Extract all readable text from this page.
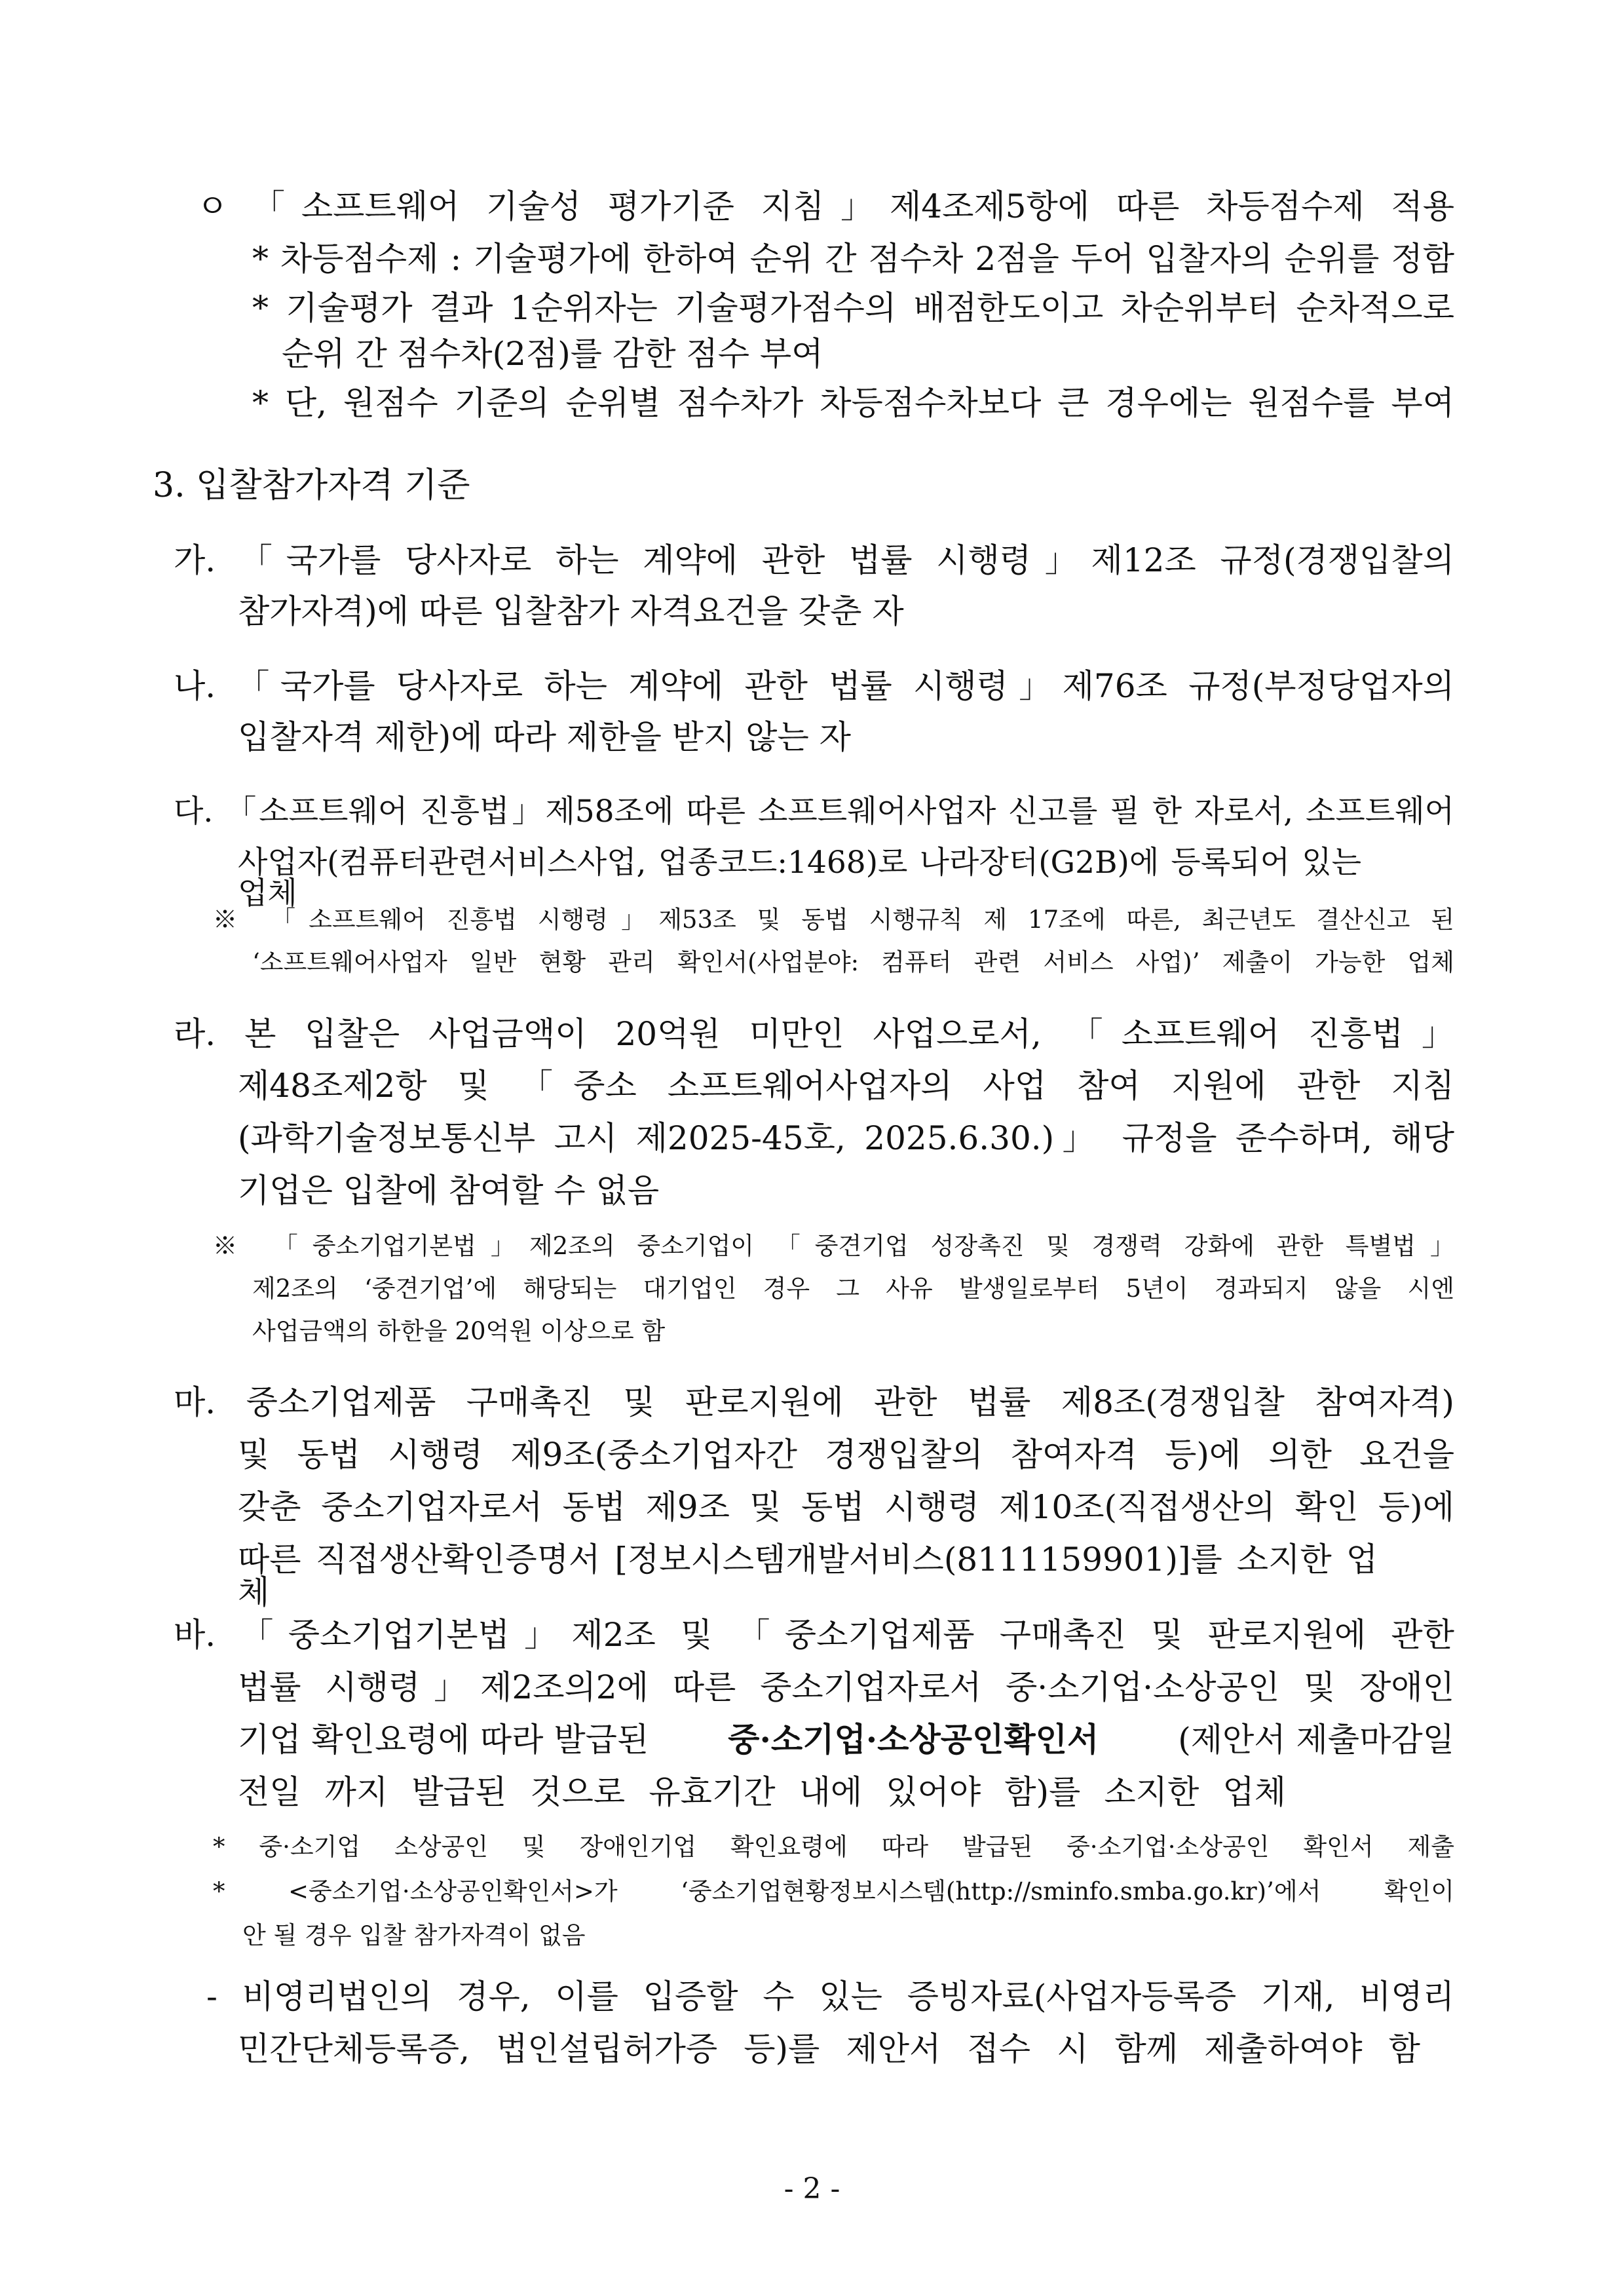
ㅇ 「소프트웨어 기술성 평가기준 지침」제4조제5항에 따른 차등점수제 적용
* 차등점수제 : 기술평가에 한하여 순위 간 점수차 2점을 두어 입찰자의 순위를 정함
* 기술평가 결과 1순위자는 기술평가점수의 배점한도이고 차순위부터 순차적으로
순위 간 점수차(2점)를 감한 점수 부여
* 단, 원점수 기준의 순위별 점수차가 차등점수차보다 큰 경우에는 원점수를 부여
3. 입찰참가자격 기준
가. 「국가를 당사자로 하는 계약에 관한 법률 시행령」제12조 규정(경쟁입찰의
참가자격)에 따른 입찰참가 자격요건을 갖춘 자
나. 「국가를 당사자로 하는 계약에 관한 법률 시행령」제76조 규정(부정당업자의
입찰자격 제한)에 따라 제한을 받지 않는 자
다. 「소프트웨어 진흥법」제58조에 따른 소프트웨어사업자 신고를 필 한 자로서, 소프트웨어
사업자(컴퓨터관련서비스사업, 업종코드:1468)로 나라장터(G2B)에 등록되어 있는 업체
※ 「소프트웨어 진흥법 시행령」제53조 및 동법 시행규칙 제 17조에 따른, 최근년도 결산신고 된
‘소프트웨어사업자 일반 현황 관리 확인서(사업분야: 컴퓨터 관련 서비스 사업)’ 제출이 가능한 업체
라. 본 입찰은 사업금액이 20억원 미만인 사업으로서, 「소프트웨어 진흥법」
제48조제2항 및 「중소 소프트웨어사업자의 사업 참여 지원에 관한 지침
(과학기술정보통신부 고시 제2025-45호, 2025.6.30.)」 규정을 준수하며, 해당
기업은 입찰에 참여할 수 없음
※ 「중소기업기본법」제2조의 중소기업이 「중견기업 성장촉진 및 경쟁력 강화에 관한 특별법」
제2조의 ‘중견기업’에 해당되는 대기업인 경우 그 사유 발생일로부터 5년이 경과되지 않을 시엔
사업금액의 하한을 20억원 이상으로 함
마. 중소기업제품 구매촉진 및 판로지원에 관한 법률 제8조(경쟁입찰 참여자격)
및 동법 시행령 제9조(중소기업자간 경쟁입찰의 참여자격 등)에 의한 요건을
갖춘 중소기업자로서 동법 제9조 및 동법 시행령 제10조(직접생산의 확인 등)에
따른 직접생산확인증명서 [정보시스템개발서비스(8111159901)]를 소지한 업체
바. 「중소기업기본법」제2조 및 「중소기업제품 구매촉진 및 판로지원에 관한
법률 시행령」제2조의2에 따른 중소기업자로서 중·소기업·소상공인 및 장애인
기업 확인요령에 따라 발급된 중·소기업·소상공인확인서 (제안서 제출마감일
전일 까지 발급된 것으로 유효기간 내에 있어야 함)를 소지한 업체
* 중·소기업 소상공인 및 장애인기업 확인요령에 따라 발급된 중·소기업·소상공인 확인서 제출
* <중소기업·소상공인확인서>가 ‘중소기업현황정보시스템(http://sminfo.smba.go.kr)’에서 확인이
안 될 경우 입찰 참가자격이 없음
- 비영리법인의 경우, 이를 입증할 수 있는 증빙자료(사업자등록증 기재, 비영리
민간단체등록증, 법인설립허가증 등)를 제안서 접수 시 함께 제출하여야 함
- 2 -
